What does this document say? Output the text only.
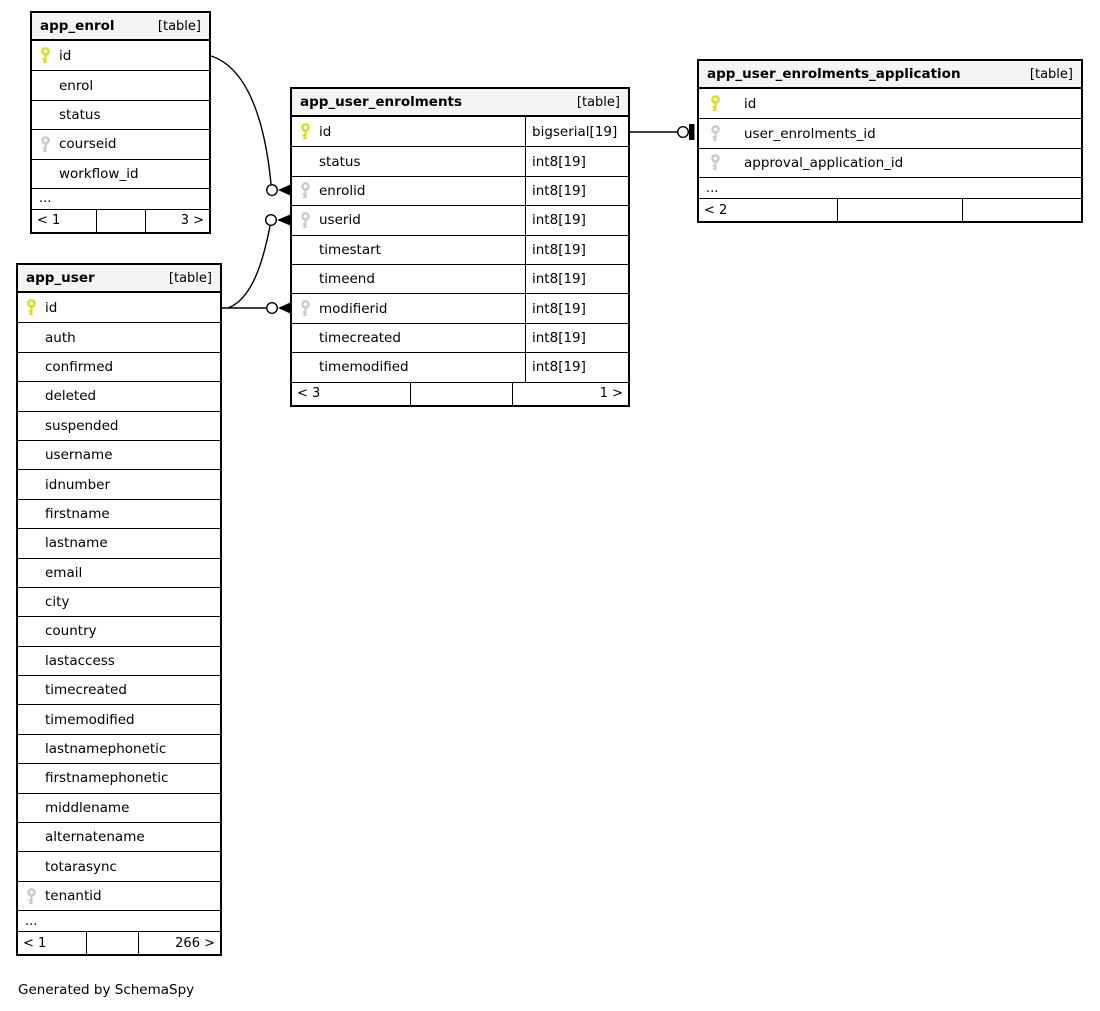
app_enrol	[table]
id
enrol
status
courseid
workflow_id
...
< 1	3 >
app_user_enrolments	[table]
id	bigserial[19]
status	int8[19]
enrolid	int8[19]
userid	int8[19]
timestart	int8[19]
timeend	int8[19]
modifierid	int8[19]
timecreated	int8[19]
timemodified	int8[19]
< 3	1 >
app_user_enrolments_application	[table]
id
user_enrolments_id
approval_application_id
...
< 2
app_user	[table]
id
auth
confirmed
deleted
suspended
username
idnumber
firstname
lastname
email
city
country
lastaccess
timecreated
timemodified
lastnamephonetic
firstnamephonetic
middlename
alternatename
totarasync
tenantid
...
< 1	266 >
Generated by SchemaSpy
